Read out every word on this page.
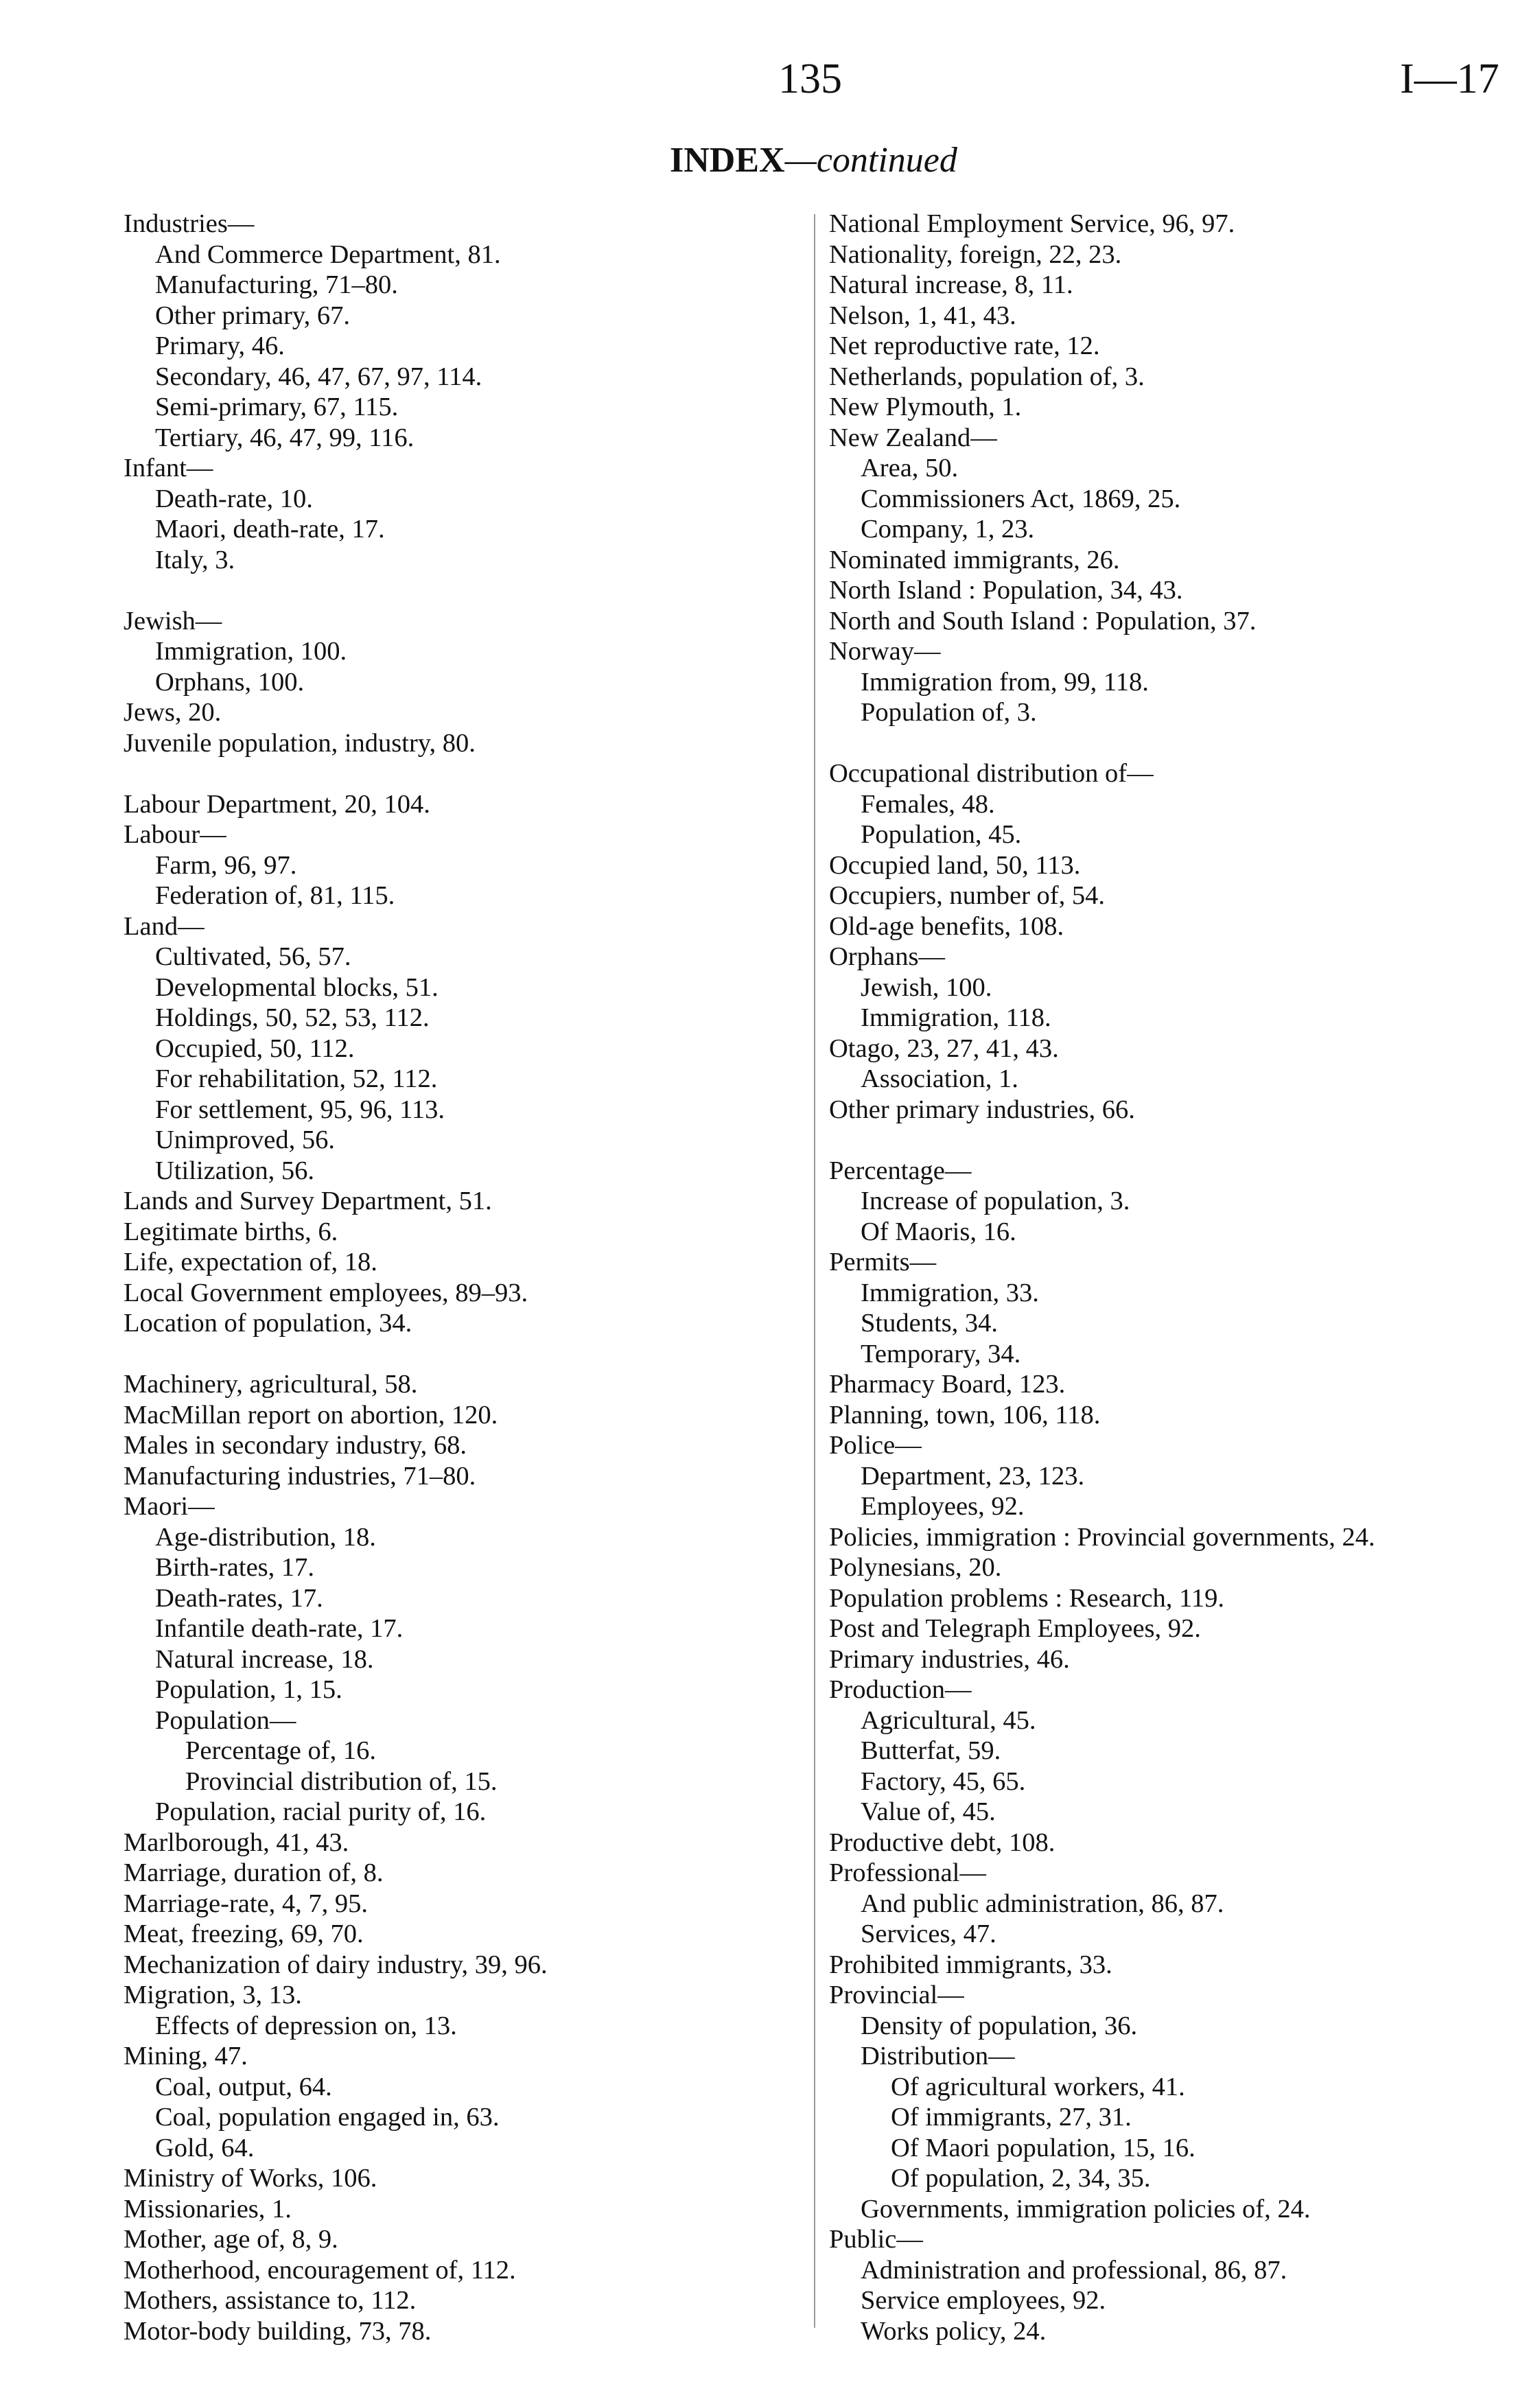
135	I—17
INDEX—continued
Industries—
And Commerce Department, 81.
Manufacturing, 71–80.
Other primary, 67.
Primary, 46.
Secondary, 46, 47, 67, 97, 114.
Semi-primary, 67, 115.
Tertiary, 46, 47, 99, 116.
Infant—
Death-rate, 10.
Maori, death-rate, 17.
Italy, 3.
Jewish—
Immigration, 100.
Orphans, 100.
Jews, 20.
Juvenile population, industry, 80.
Labour Department, 20, 104.
Labour—
Farm, 96, 97.
Federation of, 81, 115.
Land—
Cultivated, 56, 57.
Developmental blocks, 51.
Holdings, 50, 52, 53, 112.
Occupied, 50, 112.
For rehabilitation, 52, 112.
For settlement, 95, 96, 113.
Unimproved, 56.
Utilization, 56.
Lands and Survey Department, 51.
Legitimate births, 6.
Life, expectation of, 18.
Local Government employees, 89–93.
Location of population, 34.
Machinery, agricultural, 58.
MacMillan report on abortion, 120.
Males in secondary industry, 68.
Manufacturing industries, 71–80.
Maori—
Age-distribution, 18.
Birth-rates, 17.
Death-rates, 17.
Infantile death-rate, 17.
Natural increase, 18.
Population, 1, 15.
Population—
Percentage of, 16.
Provincial distribution of, 15.
Population, racial purity of, 16.
Marlborough, 41, 43.
Marriage, duration of, 8.
Marriage-rate, 4, 7, 95.
Meat, freezing, 69, 70.
Mechanization of dairy industry, 39, 96.
Migration, 3, 13.
Effects of depression on, 13.
Mining, 47.
Coal, output, 64.
Coal, population engaged in, 63.
Gold, 64.
Ministry of Works, 106.
Missionaries, 1.
Mother, age of, 8, 9.
Motherhood, encouragement of, 112.
Mothers, assistance to, 112.
Motor-body building, 73, 78.
National Employment Service, 96, 97.
Nationality, foreign, 22, 23.
Natural increase, 8, 11.
Nelson, 1, 41, 43.
Net reproductive rate, 12.
Netherlands, population of, 3.
New Plymouth, 1.
New Zealand—
Area, 50.
Commissioners Act, 1869, 25.
Company, 1, 23.
Nominated immigrants, 26.
North Island : Population, 34, 43.
North and South Island : Population, 37.
Norway—
Immigration from, 99, 118.
Population of, 3.
Occupational distribution of—
Females, 48.
Population, 45.
Occupied land, 50, 113.
Occupiers, number of, 54.
Old-age benefits, 108.
Orphans—
Jewish, 100.
Immigration, 118.
Otago, 23, 27, 41, 43.
Association, 1.
Other primary industries, 66.
Percentage—
Increase of population, 3.
Of Maoris, 16.
Permits—
Immigration, 33.
Students, 34.
Temporary, 34.
Pharmacy Board, 123.
Planning, town, 106, 118.
Police—
Department, 23, 123.
Employees, 92.
Policies, immigration : Provincial governments, 24.
Polynesians, 20.
Population problems : Research, 119.
Post and Telegraph Employees, 92.
Primary industries, 46.
Production—
Agricultural, 45.
Butterfat, 59.
Factory, 45, 65.
Value of, 45.
Productive debt, 108.
Professional—
And public administration, 86, 87.
Services, 47.
Prohibited immigrants, 33.
Provincial—
Density of population, 36.
Distribution—
Of agricultural workers, 41.
Of immigrants, 27, 31.
Of Maori population, 15, 16.
Of population, 2, 34, 35.
Governments, immigration policies of, 24.
Public—
Administration and professional, 86, 87.
Service employees, 92.
Works policy, 24.
